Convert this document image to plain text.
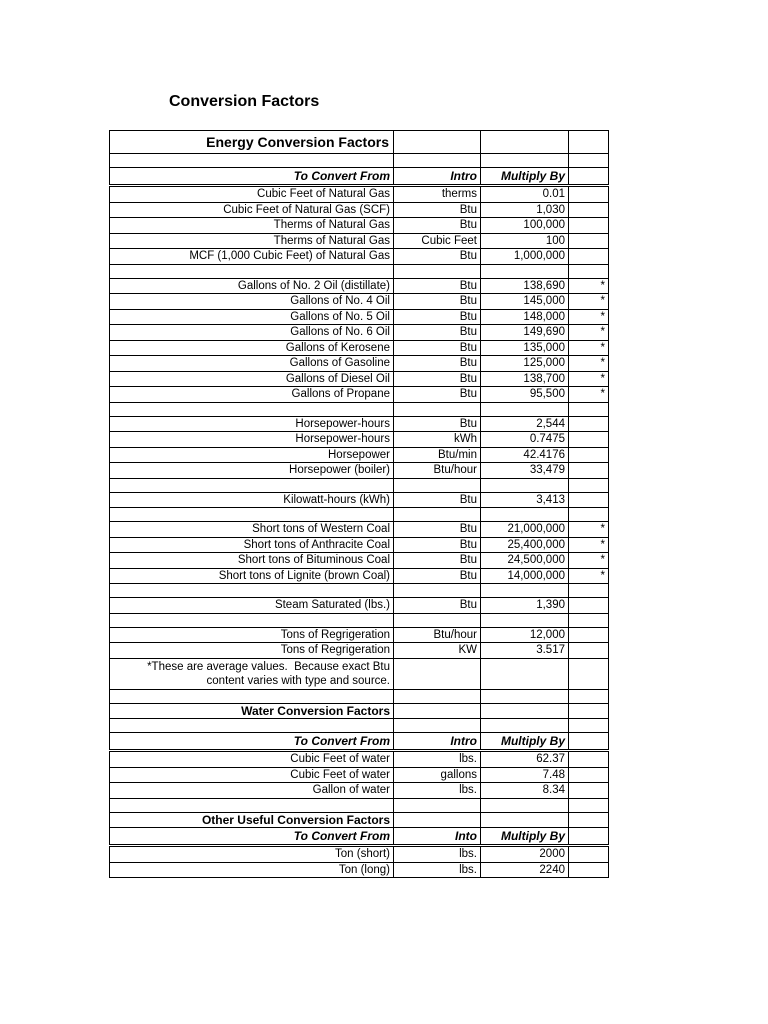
Conversion Factors
Energy Conversion Factors			

To Convert From	Intro	Multiply By	
Cubic Feet of Natural Gas	therms	0.01	
Cubic Feet of Natural Gas (SCF)	Btu	1,030	
Therms of Natural Gas	Btu	100,000	
Therms of Natural Gas	Cubic Feet	100	
MCF (1,000 Cubic Feet) of Natural Gas	Btu	1,000,000	

Gallons of No. 2 Oil (distillate)	Btu	138,690	*
Gallons of No. 4 Oil	Btu	145,000	*
Gallons of No. 5 Oil	Btu	148,000	*
Gallons of No. 6 Oil	Btu	149,690	*
Gallons of Kerosene	Btu	135,000	*
Gallons of Gasoline	Btu	125,000	*
Gallons of Diesel Oil	Btu	138,700	*
Gallons of Propane	Btu	95,500	*

Horsepower-hours	Btu	2,544	
Horsepower-hours	kWh	0.7475	
Horsepower	Btu/min	42.4176	
Horsepower (boiler)	Btu/hour	33,479	

Kilowatt-hours (kWh)	Btu	3,413	

Short tons of Western Coal	Btu	21,000,000	*
Short tons of Anthracite Coal	Btu	25,400,000	*
Short tons of Bituminous Coal	Btu	24,500,000	*
Short tons of Lignite (brown Coal)	Btu	14,000,000	*

Steam Saturated (lbs.)	Btu	1,390	

Tons of Regrigeration	Btu/hour	12,000	
Tons of Regrigeration	KW	3.517	

*These are average values.  Because exact Btu
content varies with type and source.			

Water Conversion Factors			

To Convert From	Intro	Multiply By	
Cubic Feet of water	lbs.	62.37	
Cubic Feet of water	gallons	7.48	
Gallon of water	lbs.	8.34	

Other Useful Conversion Factors			
To Convert From	Into	Multiply By	
Ton (short)	lbs.	2000	
Ton (long)	lbs.	2240	
